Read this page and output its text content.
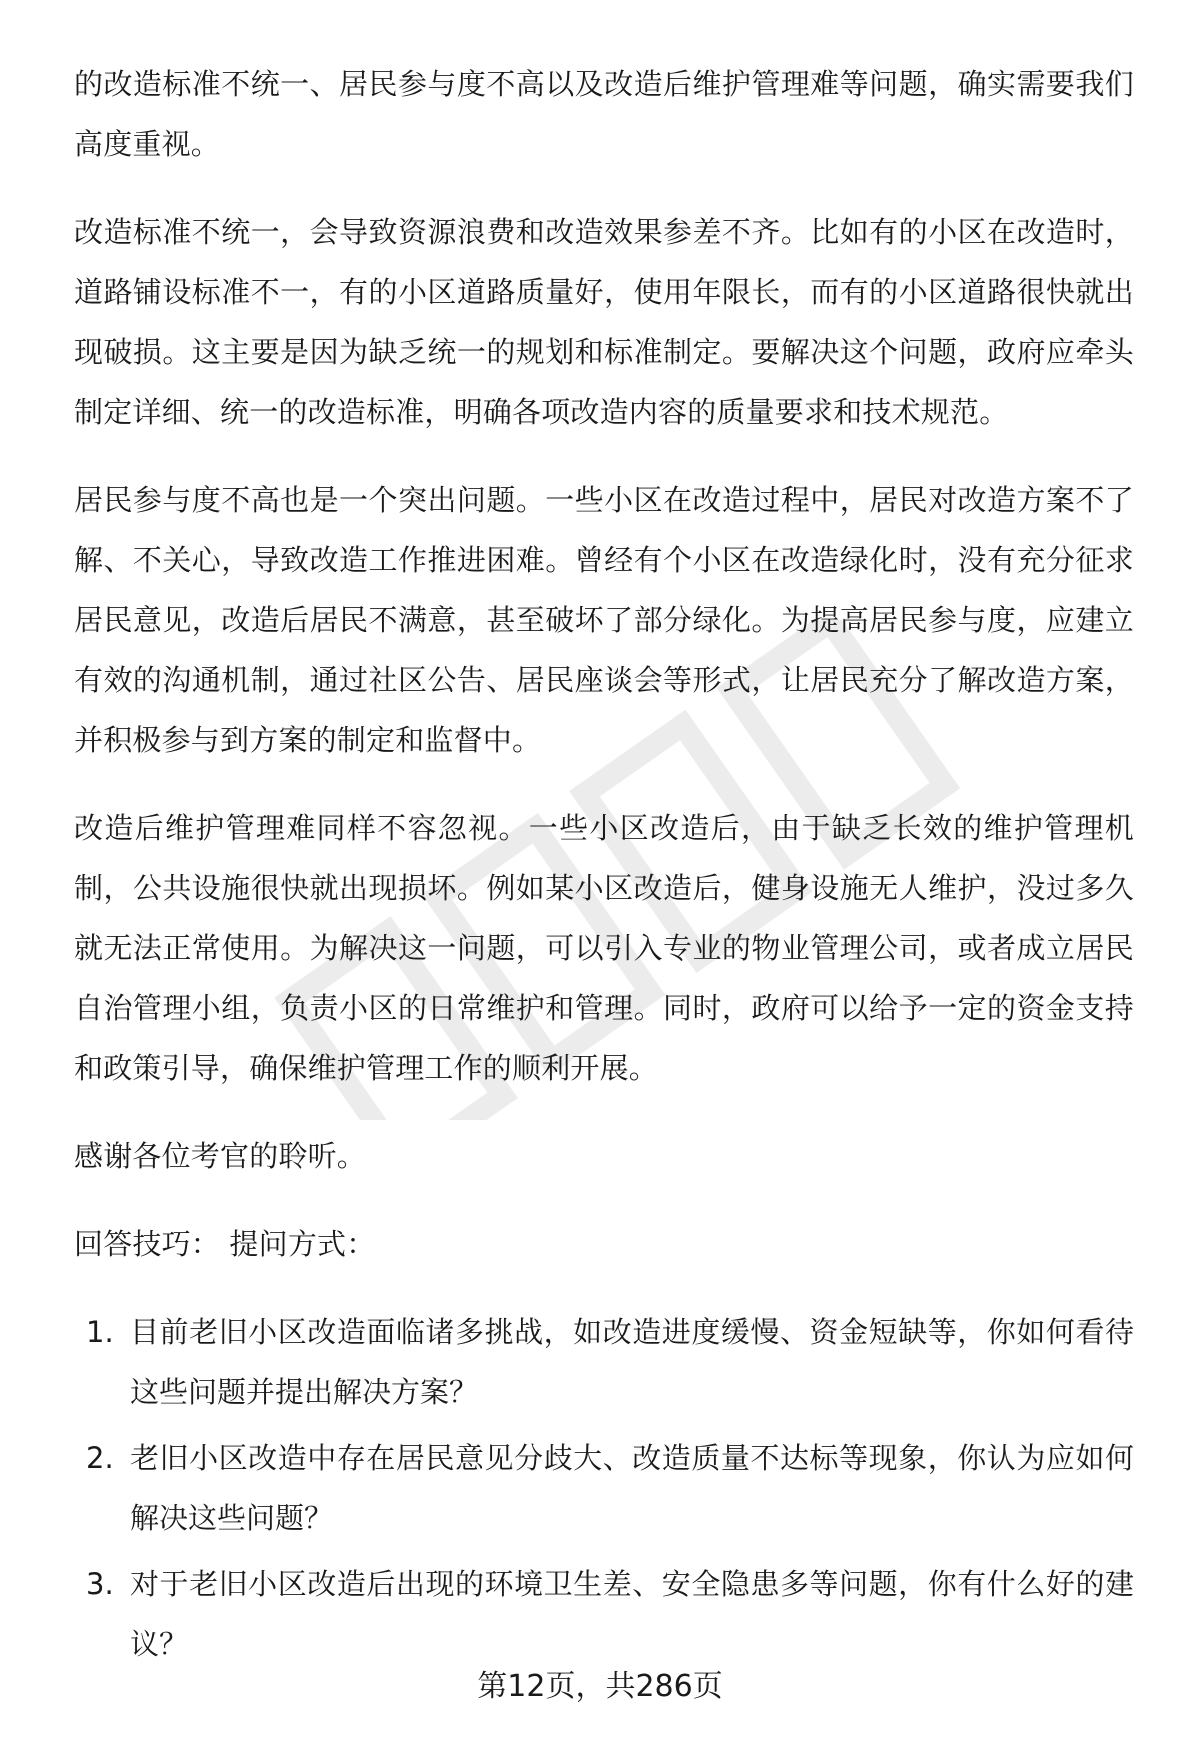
的改造标准不统一、居民参与度不高以及改造后维护管理难等问题，确实需要我们高度重视。

改造标准不统一，会导致资源浪费和改造效果参差不齐。比如有的小区在改造时，道路铺设标准不一，有的小区道路质量好，使用年限长，而有的小区道路很快就出现破损。这主要是因为缺乏统一的规划和标准制定。要解决这个问题，政府应牵头制定详细、统一的改造标准，明确各项改造内容的质量要求和技术规范。

居民参与度不高也是一个突出问题。一些小区在改造过程中，居民对改造方案不了解、不关心，导致改造工作推进困难。曾经有个小区在改造绿化时，没有充分征求居民意见，改造后居民不满意，甚至破坏了部分绿化。为提高居民参与度，应建立有效的沟通机制，通过社区公告、居民座谈会等形式，让居民充分了解改造方案，并积极参与到方案的制定和监督中。

改造后维护管理难同样不容忽视。一些小区改造后，由于缺乏长效的维护管理机制，公共设施很快就出现损坏。例如某小区改造后，健身设施无人维护，没过多久就无法正常使用。为解决这一问题，可以引入专业的物业管理公司，或者成立居民自治管理小组，负责小区的日常维护和管理。同时，政府可以给予一定的资金支持和政策引导，确保维护管理工作的顺利开展。

感谢各位考官的聆听。

回答技巧： 提问方式：

1. 目前老旧小区改造面临诸多挑战，如改造进度缓慢、资金短缺等，你如何看待这些问题并提出解决方案？
2. 老旧小区改造中存在居民意见分歧大、改造质量不达标等现象，你认为应如何解决这些问题？
3. 对于老旧小区改造后出现的环境卫生差、安全隐患多等问题，你有什么好的建议？
第12页，共286页
